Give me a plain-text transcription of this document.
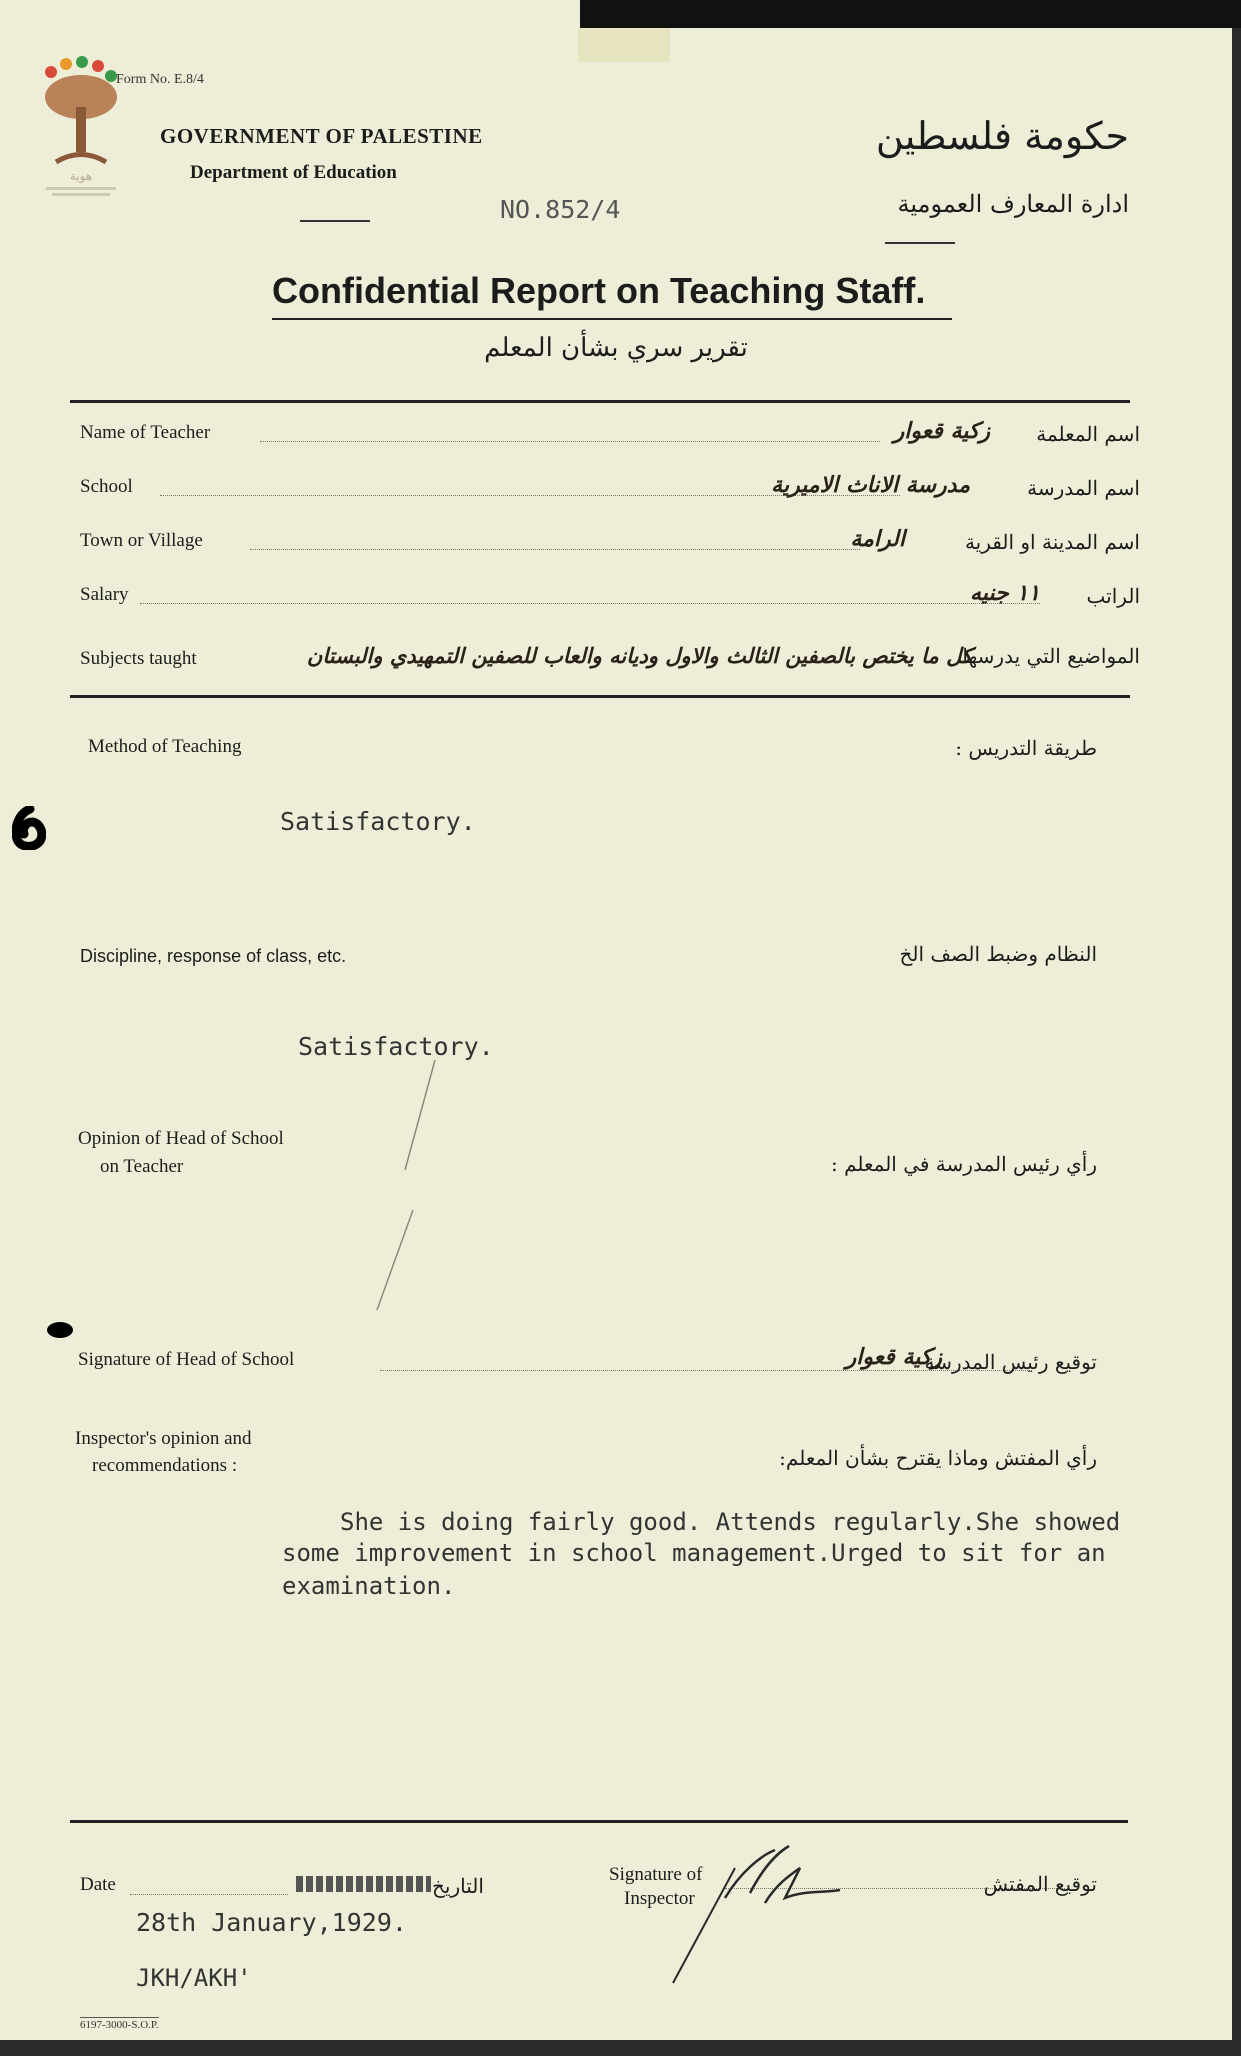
هوية
Form No. E.8/4
GOVERNMENT OF PALESTINE
Department of Education
NO.852/4
حكومة فلسطين
ادارة المعارف العمومية
Confidential Report on Teaching Staff.
تقرير سري بشأن المعلم
Name of Teacher	زكية قعوار اسم المعلمة
School	مدرسة الاناث الاميرية	اسم المدرسة
Town or Village	الرامة	اسم المدينة او القرية
Salary	١١ جنيه الراتب
Subjects taught	كل ما يختص بالصفين الثالث والاول وديانه والعاب للصفين التمهيدي والبستان
المواضيع التي يدرسها
Method of Teaching	طريقة التدريس :
Satisfactory.
Discipline, response of class, etc.	النظام وضبط الصف الخ
Satisfactory.
Opinion of Head of School
on Teacher	رأي رئيس المدرسة في المعلم :
Signature of Head of School	توقيع رئيس المدرسة
زكية قعوار
Inspector's opinion and
recommendations :	رأي المفتش وماذا يقترح بشأن المعلم:
She is doing fairly good. Attends regularly.She showed
some improvement in school management.Urged to sit for an
examination.
Date	التاريخ
28th January,1929.
JKH/AKH'
Signature of
Inspector
توقيع المفتش
6197-3000-S.O.P.
